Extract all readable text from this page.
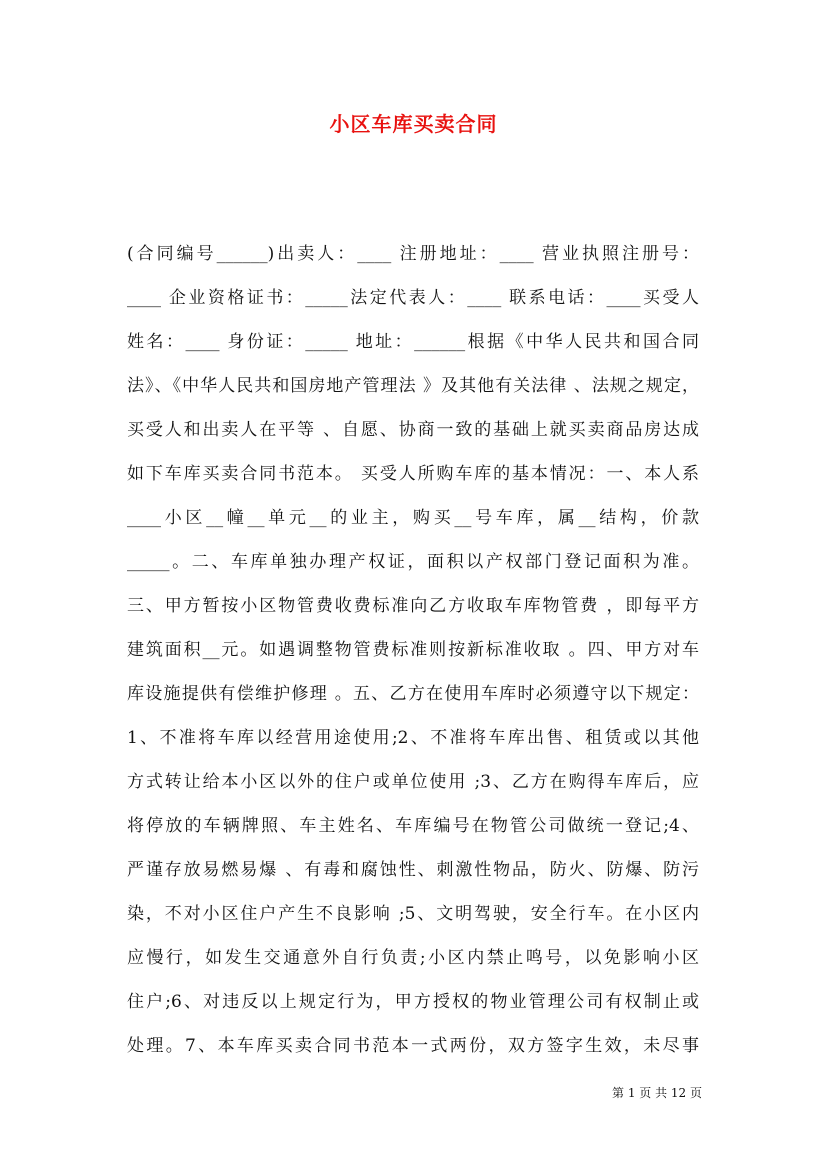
小区车库买卖合同
(合同编号______)出卖人：____ 注册地址：____ 营业执照注册号：
____ 企业资格证书：_____法定代表人：____ 联系电话：____买受人
姓名：____ 身份证：_____ 地址：______根据《中华人民共和国合同
法》、《中华人民共和国房地产管理法 》及其他有关法律 、法规之规定，
买受人和出卖人在平等 、自愿、协商一致的基础上就买卖商品房达成
如下车库买卖合同书范本。 买受人所购车库的基本情况：一、本人系
____小区__幢__单元__的业主，购买__号车库，属__结构，价款
_____。二、车库单独办理产权证，面积以产权部门登记面积为准。
三、甲方暂按小区物管费收费标准向乙方收取车库物管费 ，即每平方
建筑面积__元。如遇调整物管费标准则按新标准收取 。四、甲方对车
库设施提供有偿维护修理 。五、乙方在使用车库时必须遵守以下规定：
1、不准将车库以经营用途使用;2、不准将车库出售、租赁或以其他
方式转让给本小区以外的住户或单位使用 ;3、乙方在购得车库后，应
将停放的车辆牌照、车主姓名、车库编号在物管公司做统一登记;4、
严谨存放易燃易爆 、有毒和腐蚀性、刺激性物品，防火、防爆、防污
染，不对小区住户产生不良影响 ;5、文明驾驶，安全行车。在小区内
应慢行，如发生交通意外自行负责;小区内禁止鸣号，以免影响小区
住户;6、对违反以上规定行为，甲方授权的物业管理公司有权制止或
处理。7、本车库买卖合同书范本一式两份，双方签字生效，未尽事
第 1 页 共 12 页
